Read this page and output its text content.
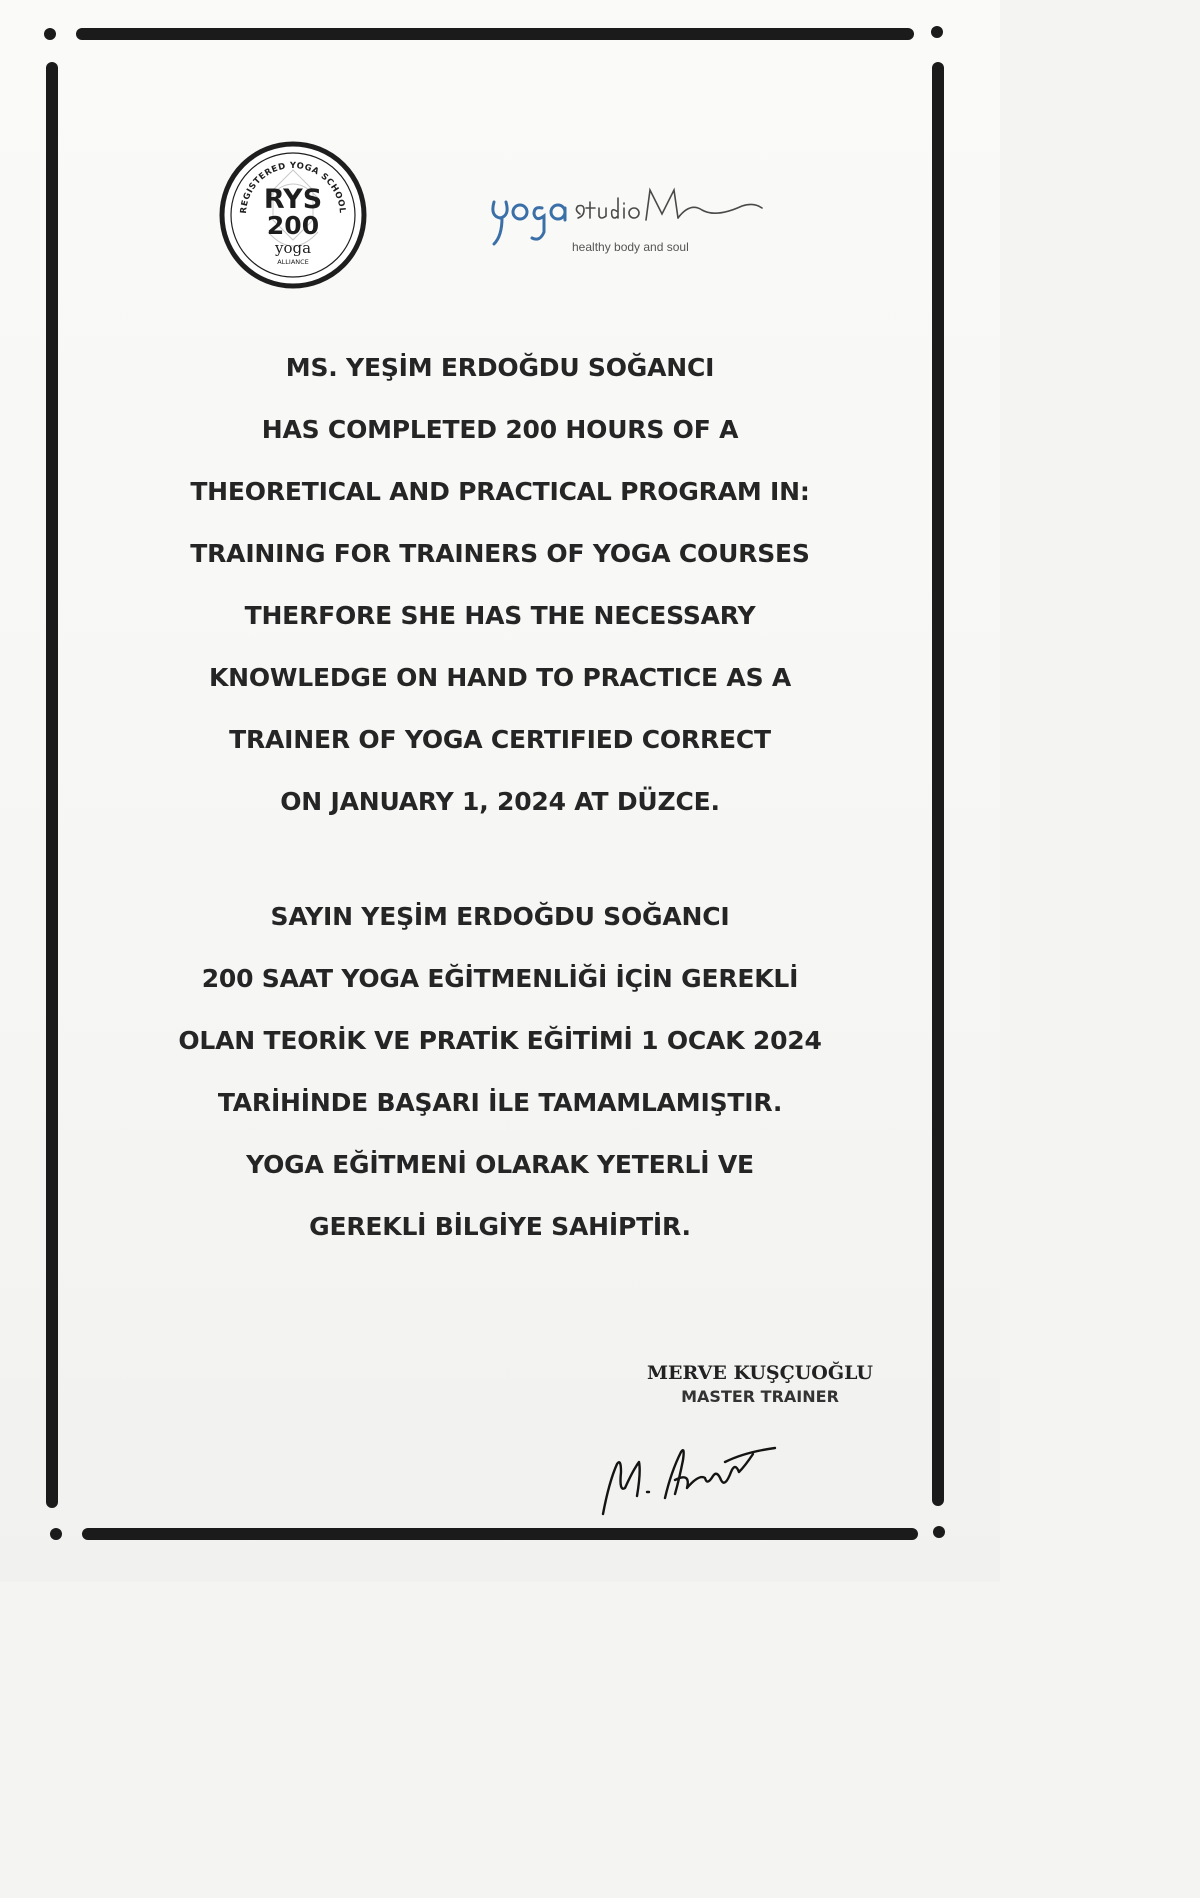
REGISTERED YOGA SCHOOL
RYS
200
yoga
ALLIANCE
healthy body and soul

MS. YEŞİM ERDOĞDU SOĞANCI

HAS COMPLETED 200 HOURS OF A

THEORETICAL AND PRACTICAL PROGRAM IN:

TRAINING FOR TRAINERS OF YOGA COURSES

THERFORE SHE HAS THE NECESSARY

KNOWLEDGE ON HAND TO PRACTICE AS A

TRAINER OF YOGA CERTIFIED CORRECT

ON JANUARY 1, 2024 AT DÜZCE.

SAYIN YEŞİM ERDOĞDU SOĞANCI

200 SAAT YOGA EĞİTMENLİĞİ İÇİN GEREKLİ

OLAN TEORİK VE PRATİK EĞİTİMİ 1 OCAK 2024

TARİHİNDE BAŞARI İLE TAMAMLAMIŞTIR.

YOGA EĞİTMENİ OLARAK YETERLİ VE

GEREKLİ BİLGİYE SAHİPTİR.

MERVE KUŞÇUOĞLU
MASTER TRAINER
